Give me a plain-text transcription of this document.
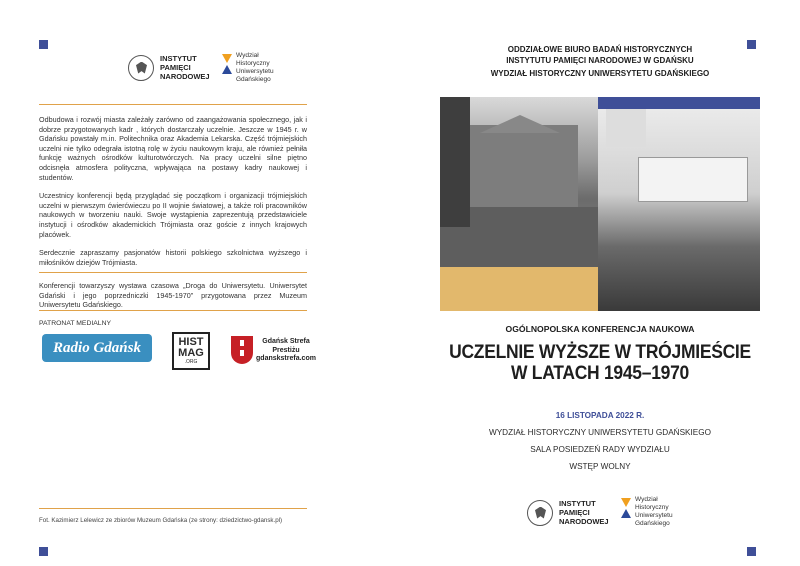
INSTYTUT
PAMIĘCI
NARODOWEJ
Wydział
Historyczny
Uniwersytetu
Gdańskiego

Odbudowa i rozwój miasta zależały zarówno od zaangażowania społecznego, jak i dobrze przygotowanych kadr , których dostarczały uczelnie. Jeszcze w 1945 r. w Gdańsku powstały m.in. Politechnika oraz Akademia Lekarska. Część trójmiejskich uczelni nie tylko odegrała istotną rolę w życiu naukowym kraju, ale również pełniła funkcję ważnych ośrodków kulturotwórczych. Na pracy uczelni silne piętno odcisnęła atmosfera polityczna, wpływająca na postawy kadry naukowej i studentów.

Uczestnicy konferencji będą przyglądać się początkom i organizacji trójmiejskich uczelni w pierwszym ćwierćwieczu po II wojnie światowej, a także roli pracowników naukowych w tworzeniu nauki. Swoje wystąpienia zaprezentują przedstawiciele instytucji i ośrodków akademickich Trójmiasta oraz goście z innych krajowych placówek.

Serdecznie zapraszamy pasjonatów historii polskiego szkolnictwa wyższego i miłośników dziejów Trójmiasta.

Konferencji towarzyszy wystawa czasowa „Droga do Uniwersytetu. Uniwersytet Gdański i jego poprzedniczki 1945-1970” przygotowana przez Muzeum Uniwersytetu Gdańskiego.
PATRONAT MEDIALNY
Radio Gdańsk	HIST
MAG
.ORG
Gdańsk Strefa
Prestiżu
gdanskstrefa.com
Fot. Kazimierz Lelewicz ze zbiorów Muzeum Gdańska (ze strony: dziedzictwo-gdansk.pl)
ODDZIAŁOWE BIURO BADAŃ HISTORYCZNYCH
INSTYTUTU PAMIĘCI NARODOWEJ W GDAŃSKU
WYDZIAŁ HISTORYCZNY UNIWERSYTETU GDAŃSKIEGO
OGÓLNOPOLSKA KONFERENCJA NAUKOWA
UCZELNIE WYŻSZE W TRÓJMIEŚCIE
W LATACH 1945–1970
16 LISTOPADA 2022 R.
WYDZIAŁ HISTORYCZNY UNIWERSYTETU GDAŃSKIEGO
SALA POSIEDZEŃ RADY WYDZIAŁU
WSTĘP WOLNY
INSTYTUT
PAMIĘCI
NARODOWEJ
Wydział
Historyczny
Uniwersytetu
Gdańskiego
